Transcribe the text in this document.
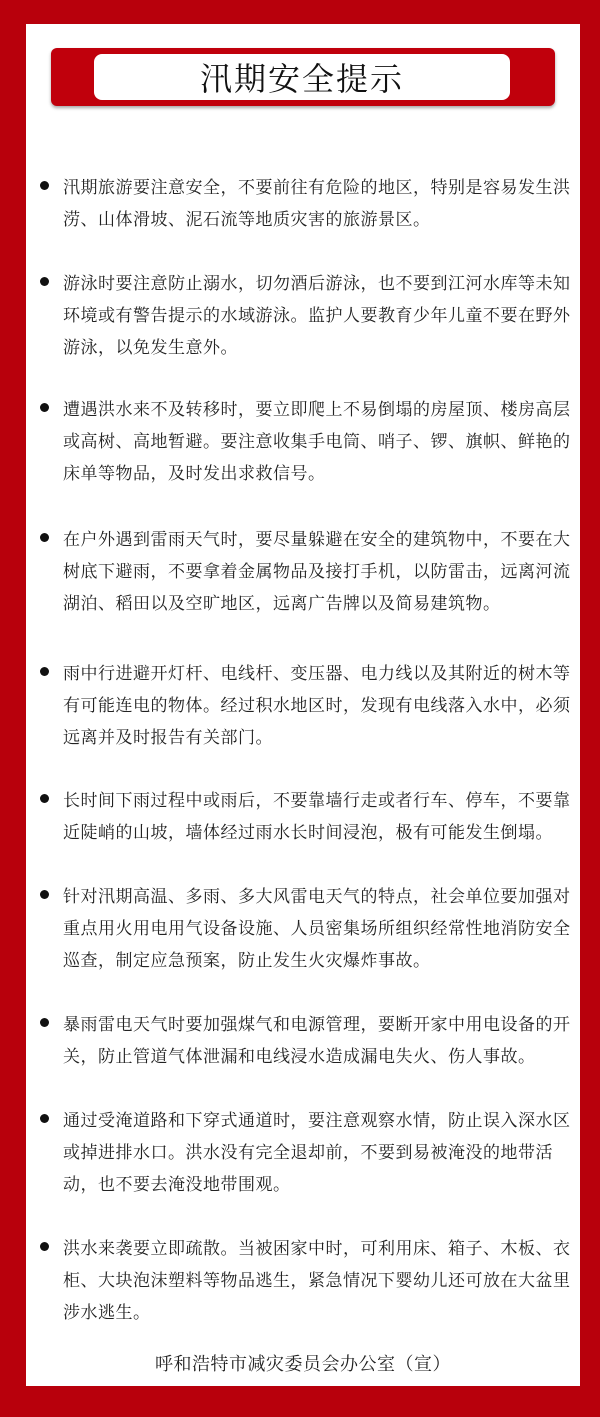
汛期安全提示
汛期旅游要注意安全，不要前往有危险的地区，特别是容易发生洪涝、山体滑坡、泥石流等地质灾害的旅游景区。
游泳时要注意防止溺水，切勿酒后游泳，也不要到江河水库等未知环境或有警告提示的水域游泳。监护人要教育少年儿童不要在野外游泳，以免发生意外。
遭遇洪水来不及转移时，要立即爬上不易倒塌的房屋顶、楼房高层或高树、高地暂避。要注意收集手电筒、哨子、锣、旗帜、鲜艳的床单等物品，及时发出求救信号。
在户外遇到雷雨天气时，要尽量躲避在安全的建筑物中，不要在大树底下避雨，不要拿着金属物品及接打手机，以防雷击，远离河流湖泊、稻田以及空旷地区，远离广告牌以及简易建筑物。
雨中行进避开灯杆、电线杆、变压器、电力线以及其附近的树木等有可能连电的物体。经过积水地区时，发现有电线落入水中，必须远离并及时报告有关部门。
长时间下雨过程中或雨后，不要靠墙行走或者行车、停车，不要靠近陡峭的山坡，墙体经过雨水长时间浸泡，极有可能发生倒塌。
针对汛期高温、多雨、多大风雷电天气的特点，社会单位要加强对重点用火用电用气设备设施、人员密集场所组织经常性地消防安全巡查，制定应急预案，防止发生火灾爆炸事故。
暴雨雷电天气时要加强煤气和电源管理，要断开家中用电设备的开关，防止管道气体泄漏和电线浸水造成漏电失火、伤人事故。
通过受淹道路和下穿式通道时，要注意观察水情，防止误入深水区或掉进排水口。洪水没有完全退却前，不要到易被淹没的地带活动，也不要去淹没地带围观。
洪水来袭要立即疏散。当被困家中时，可利用床、箱子、木板、衣柜、大块泡沫塑料等物品逃生，紧急情况下婴幼儿还可放在大盆里涉水逃生。
呼和浩特市减灾委员会办公室（宣）
